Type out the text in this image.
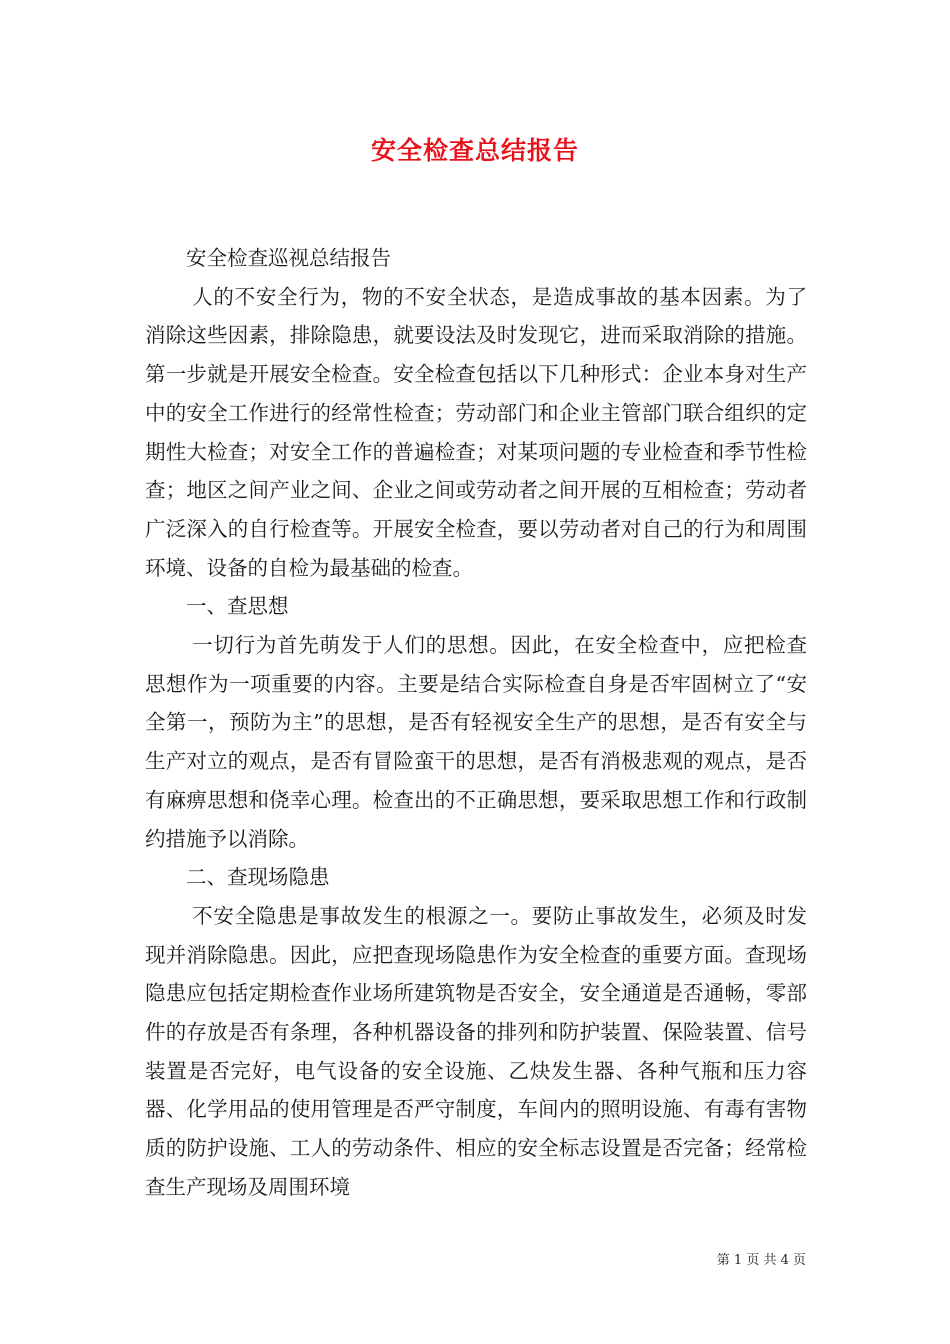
安全检查总结报告

安全检查巡视总结报告

人的不安全行为，物的不安全状态，是造成事故的基本因素。为了消除这些因素，排除隐患，就要设法及时发现它，进而采取消除的措施。第一步就是开展安全检查。安全检查包括以下几种形式：企业本身对生产中的安全工作进行的经常性检查；劳动部门和企业主管部门联合组织的定期性大检查；对安全工作的普遍检查；对某项问题的专业检查和季节性检查；地区之间产业之间、企业之间或劳动者之间开展的互相检查；劳动者广泛深入的自行检查等。开展安全检查，要以劳动者对自己的行为和周围环境、设备的自检为最基础的检查。

一、查思想

一切行为首先萌发于人们的思想。因此，在安全检查中，应把检查思想作为一项重要的内容。主要是结合实际检查自身是否牢固树立了“安全第一，预防为主”的思想，是否有轻视安全生产的思想，是否有安全与生产对立的观点，是否有冒险蛮干的思想，是否有消极悲观的观点，是否有麻痹思想和侥幸心理。检查出的不正确思想，要采取思想工作和行政制约措施予以消除。

二、查现场隐患

不安全隐患是事故发生的根源之一。要防止事故发生，必须及时发现并消除隐患。因此，应把查现场隐患作为安全检查的重要方面。查现场隐患应包括定期检查作业场所建筑物是否安全，安全通道是否通畅，零部件的存放是否有条理，各种机器设备的排列和防护装置、保险装置、信号装置是否完好，电气设备的安全设施、乙炔发生器、各种气瓶和压力容器、化学用品的使用管理是否严守制度，车间内的照明设施、有毒有害物质的防护设施、工人的劳动条件、相应的安全标志设置是否完备；经常检查生产现场及周围环境

第 1 页 共 4 页
